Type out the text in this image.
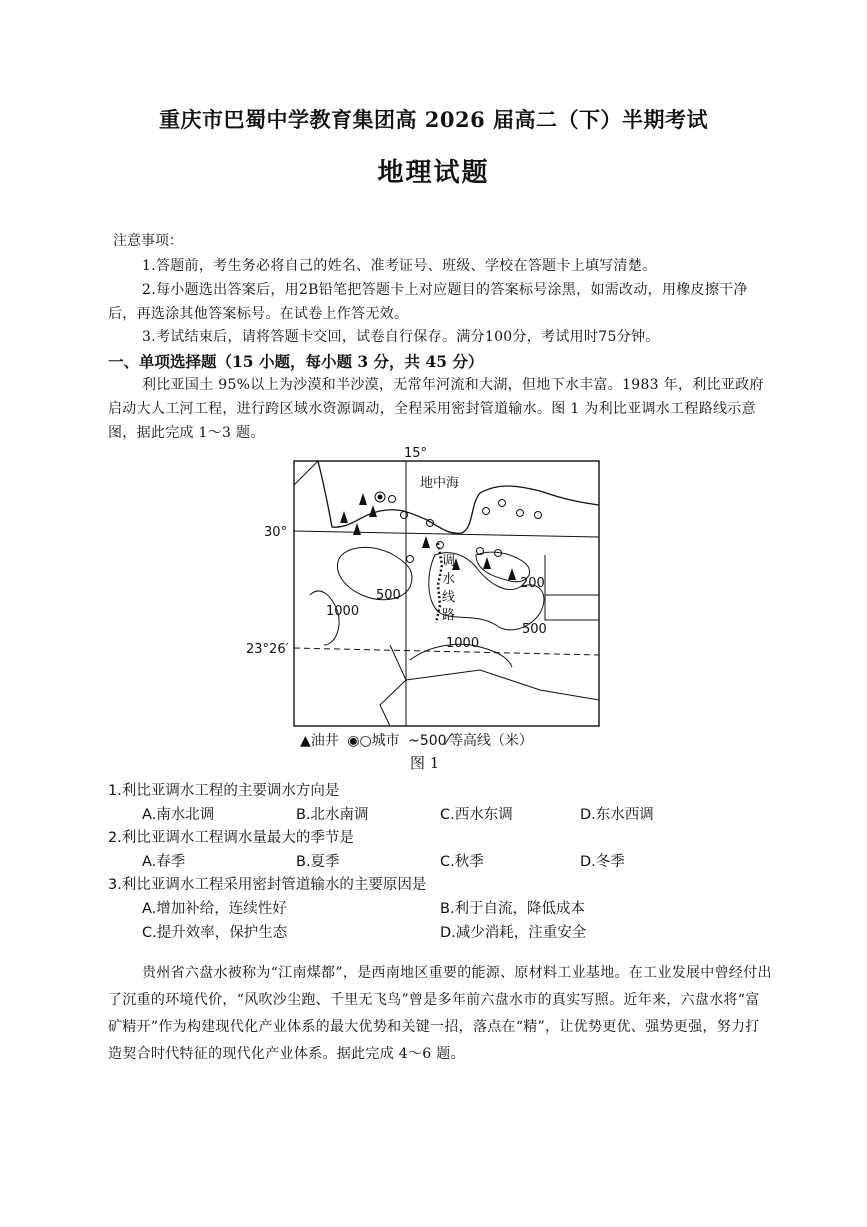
重庆市巴蜀中学教育集团高 2026 届高二（下）半期考试
地理试题
注意事项：
1.答题前，考生务必将自己的姓名、准考证号、班级、学校在答题卡上填写清楚。
2.每小题选出答案后，用2B铅笔把答题卡上对应题目的答案标号涂黑，如需改动，用橡皮擦干净后，再选涂其他答案标号。在试卷上作答无效。
3.考试结束后，请将答题卡交回，试卷自行保存。满分100分，考试用时75分钟。
一、单项选择题（15 小题，每小题 3 分，共 45 分）
利比亚国土 95%以上为沙漠和半沙漠，无常年河流和大湖，但地下水丰富。1983 年，利比亚政府启动大人工河工程，进行跨区域水资源调动，全程采用密封管道输水。图 1 为利比亚调水工程路线示意图，据此完成 1～3 题。
15°
30°
23°26′
地中海
调
水
线
路
200
500
500
1000
1000
▲油井 ◉○城市 ~500⁄等高线（米）
图 1
1.利比亚调水工程的主要调水方向是
A.南水北调	B.北水南调	C.西水东调	D.东水西调
2.利比亚调水工程调水量最大的季节是
A.春季	B.夏季	C.秋季	D.冬季
3.利比亚调水工程采用密封管道输水的主要原因是
A.增加补给，连续性好	B.利于自流，降低成本
C.提升效率，保护生态	D.减少消耗，注重安全
贵州省六盘水被称为“江南煤都”，是西南地区重要的能源、原材料工业基地。在工业发展中曾经付出了沉重的环境代价，“风吹沙尘跑、千里无飞鸟”曾是多年前六盘水市的真实写照。近年来，六盘水将“富矿精开”作为构建现代化产业体系的最大优势和关键一招，落点在“精”，让优势更优、强势更强，努力打造契合时代特征的现代化产业体系。据此完成 4～6 题。
